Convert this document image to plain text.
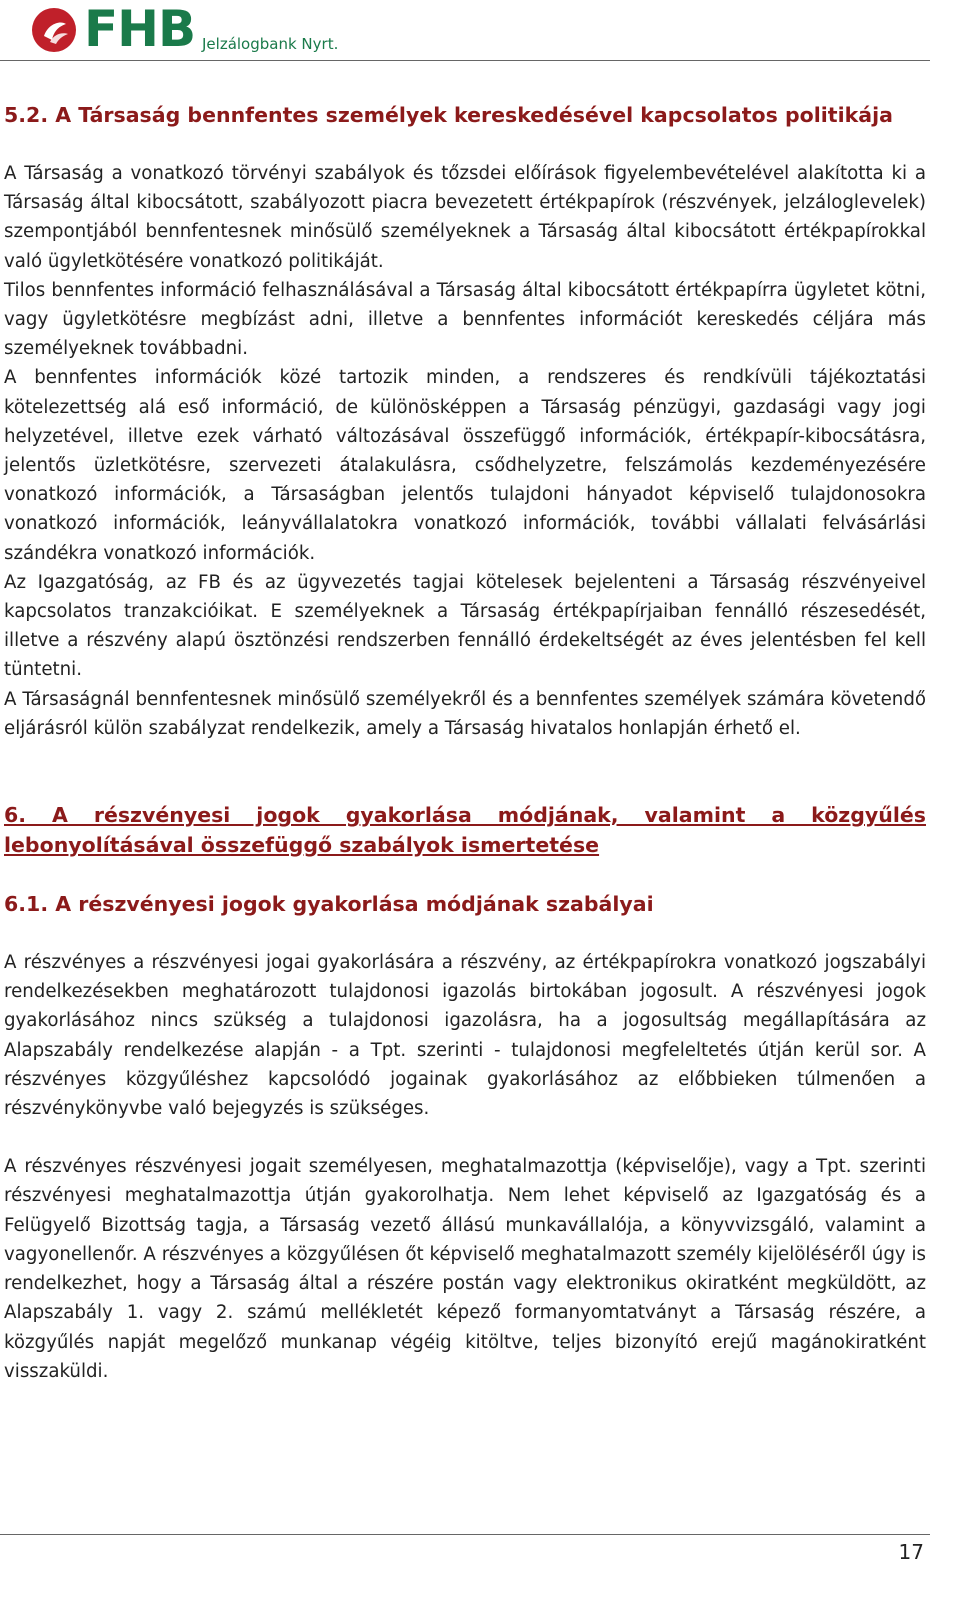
FHB Jelzálogbank Nyrt.
5.2. A Társaság bennfentes személyek kereskedésével kapcsolatos politikája

A Társaság a vonatkozó törvényi szabályok és tőzsdei előírások figyelembevételével alakította ki a Társaság által kibocsátott, szabályozott piacra bevezetett értékpapírok (részvények, jelzáloglevelek) szempontjából bennfentesnek minősülő személyeknek a Társaság által kibocsátott értékpapírokkal való ügyletkötésére vonatkozó politikáját.

Tilos bennfentes információ felhasználásával a Társaság által kibocsátott értékpapírra ügyletet kötni, vagy ügyletkötésre megbízást adni, illetve a bennfentes információt kereskedés céljára más személyeknek továbbadni.

A bennfentes információk közé tartozik minden, a rendszeres és rendkívüli tájékoztatási kötelezettség alá eső információ, de különösképpen a Társaság pénzügyi, gazdasági vagy jogi helyzetével, illetve ezek várható változásával összefüggő információk, értékpapír-kibocsátásra, jelentős üzletkötésre, szervezeti átalakulásra, csődhelyzetre, felszámolás kezdeményezésére vonatkozó információk, a Társaságban jelentős tulajdoni hányadot képviselő tulajdonosokra vonatkozó információk, leányvállalatokra vonatkozó információk, további vállalati felvásárlási szándékra vonatkozó információk.

Az Igazgatóság, az FB és az ügyvezetés tagjai kötelesek bejelenteni a Társaság részvényeivel kapcsolatos tranzakcióikat. E személyeknek a Társaság értékpapírjaiban fennálló részesedését, illetve a részvény alapú ösztönzési rendszerben fennálló érdekeltségét az éves jelentésben fel kell tüntetni.

A Társaságnál bennfentesnek minősülő személyekről és a bennfentes személyek számára követendő eljárásról külön szabályzat rendelkezik, amely a Társaság hivatalos honlapján érhető el.

6. A részvényesi jogok gyakorlása módjának, valamint a közgyűlés lebonyolításával összefüggő szabályok ismertetése
6.1. A részvényesi jogok gyakorlása módjának szabályai

A részvényes a részvényesi jogai gyakorlására a részvény, az értékpapírokra vonatkozó jogszabályi rendelkezésekben meghatározott tulajdonosi igazolás birtokában jogosult. A részvényesi jogok gyakorlásához nincs szükség a tulajdonosi igazolásra, ha a jogosultság megállapítására az Alapszabály rendelkezése alapján - a Tpt. szerinti - tulajdonosi megfeleltetés útján kerül sor. A részvényes közgyűléshez kapcsolódó jogainak gyakorlásához az előbbieken túlmenően a részvénykönyvbe való bejegyzés is szükséges.

A részvényes részvényesi jogait személyesen, meghatalmazottja (képviselője), vagy a Tpt. szerinti részvényesi meghatalmazottja útján gyakorolhatja. Nem lehet képviselő az Igazgatóság és a Felügyelő Bizottság tagja, a Társaság vezető állású munkavállalója, a könyvvizsgáló, valamint a vagyonellenőr. A részvényes a közgyűlésen őt képviselő meghatalmazott személy kijelöléséről úgy is rendelkezhet, hogy a Társaság által a részére postán vagy elektronikus okiratként megküldött, az Alapszabály 1. vagy 2. számú mellékletét képező formanyomtatványt a Társaság részére, a közgyűlés napját megelőző munkanap végéig kitöltve, teljes bizonyító erejű magánokiratként visszaküldi.

17
